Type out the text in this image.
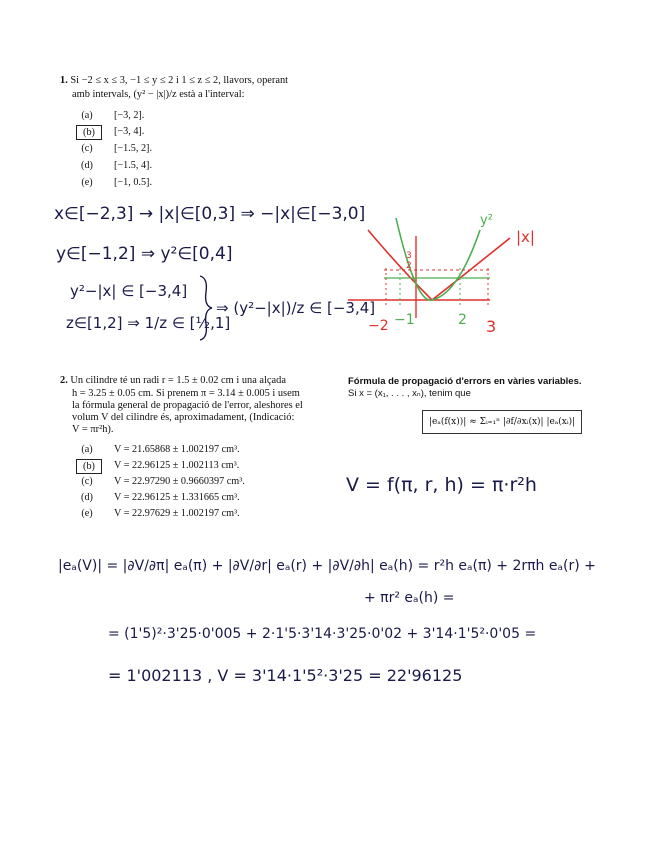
1. Si −2 ≤ x ≤ 3, −1 ≤ y ≤ 2 i 1 ≤ z ≤ 2, llavors, operant
amb intervals, (y² − |x|)/z està a l'interval:
(a)	[−3, 2].
(b)	[−3, 4].
(c)	[−1.5, 2].
(d)	[−1.5, 4].
(e)	[−1, 0.5].
x∈[−2,3] → |x|∈[0,3] ⇒ −|x|∈[−3,0]
y∈[−1,2] ⇒ y²∈[0,4]
y²−|x| ∈ [−3,4]
z∈[1,2] ⇒ 1/z ∈ [½,1]
⇒ (y²−|x|)/z ∈ [−3,4]
y²
|x|
3
2
−2 −1	2 3
2. Un cilindre té un radi r = 1.5 ± 0.02 cm i una alçada
h = 3.25 ± 0.05 cm. Si prenem π = 3.14 ± 0.005 i usem
la fórmula general de propagació de l'error, aleshores el
volum V del cilindre és, aproximadament, (Indicació:
V = πr²h).
(a)	V = 21.65868 ± 1.002197 cm³.
(b)	V = 22.96125 ± 1.002113 cm³.
(c)	V = 22.97290 ± 0.9660397 cm³.
(d)	V = 22.96125 ± 1.331665 cm³.
(e)	V = 22.97629 ± 1.002197 cm³.
Fórmula de propagació d'errors en vàries variables.
Si x = (x₁, . . . , xₙ), tenim que
|eₐ(f(x))| ≈ Σᵢ₌₁ⁿ |∂f/∂xᵢ(x)| |eₐ(xᵢ)|
V = f(π, r, h) = π·r²h
|eₐ(V)| = |∂V/∂π| eₐ(π) + |∂V/∂r| eₐ(r) + |∂V/∂h| eₐ(h) = r²h eₐ(π) + 2rπh eₐ(r) +
+ πr² eₐ(h) =
= (1'5)²·3'25·0'005 + 2·1'5·3'14·3'25·0'02 + 3'14·1'5²·0'05 =
= 1'002113 , V = 3'14·1'5²·3'25 = 22'96125
